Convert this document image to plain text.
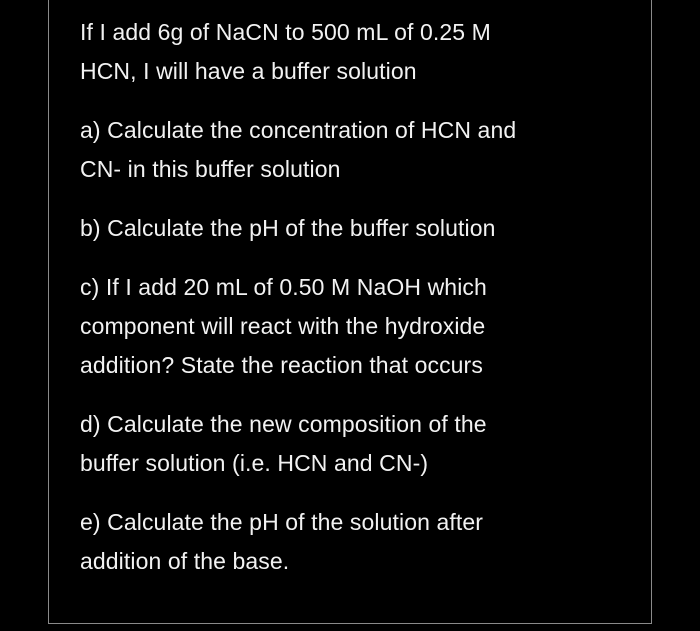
If I add 6g of NaCN to 500 mL of 0.25 M
HCN, I will have a buffer solution

a) Calculate the concentration of HCN and
CN- in this buffer solution

b) Calculate the pH of the buffer solution

c) If I add 20 mL of 0.50 M NaOH which
component will react with the hydroxide
addition? State the reaction that occurs

d) Calculate the new composition of the
buffer solution (i.e. HCN and CN-)

e) Calculate the pH of the solution after
addition of the base.
